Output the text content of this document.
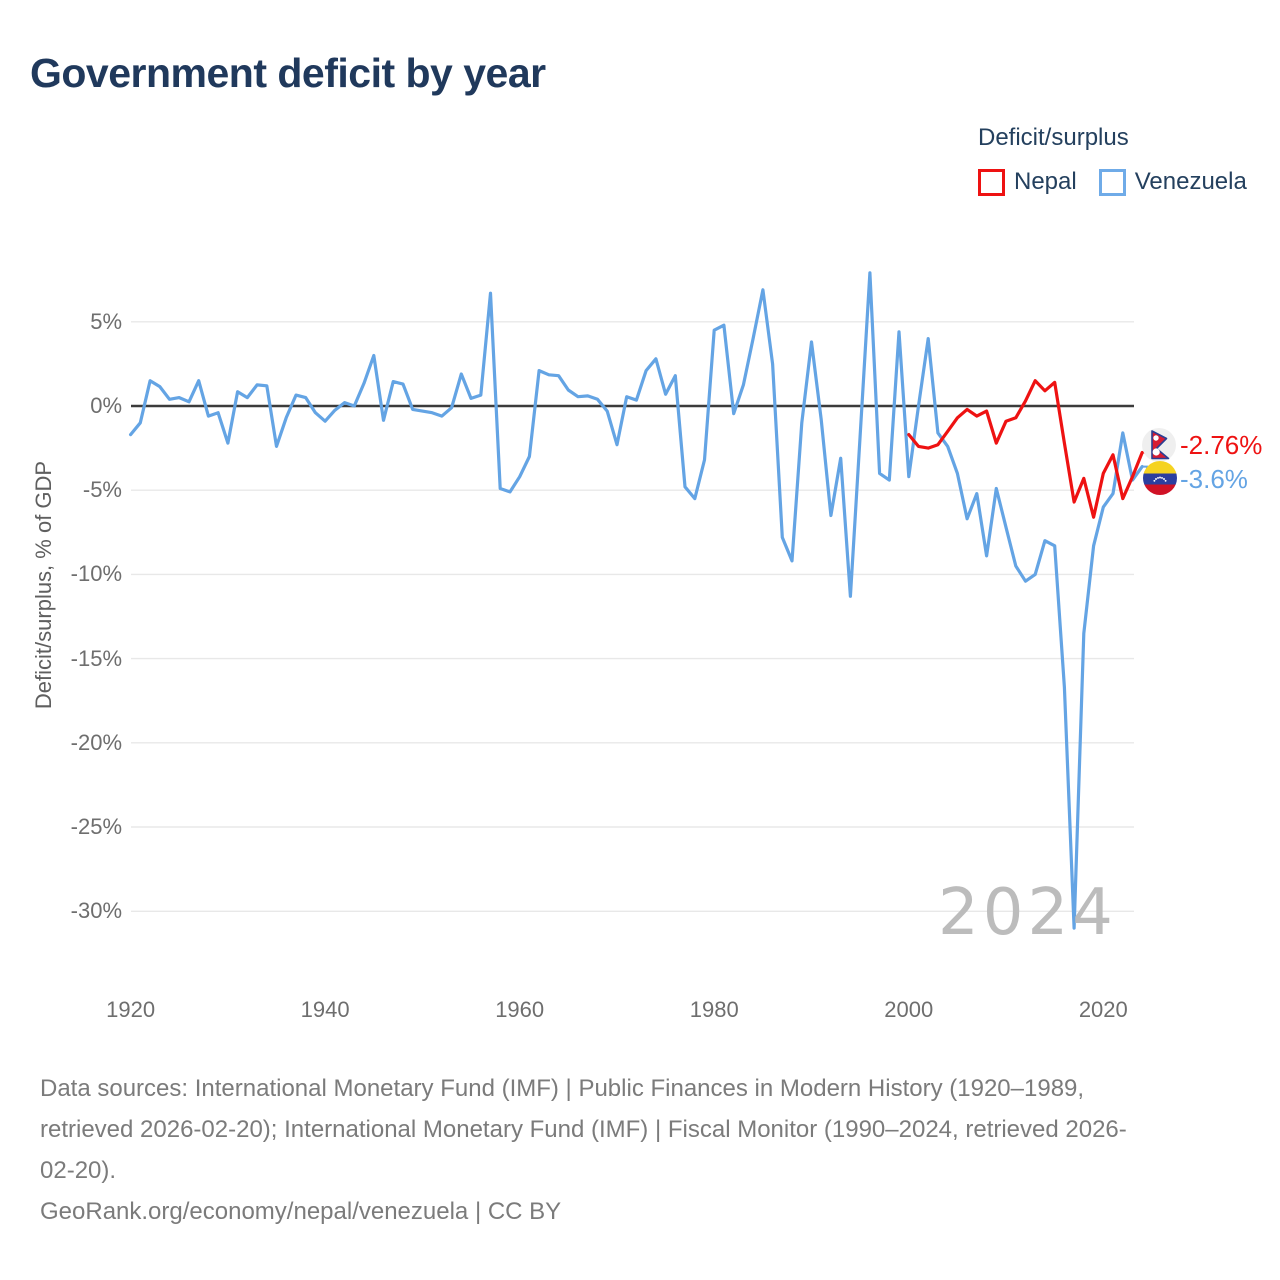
Government deficit by year
Deficit/surplus
Nepal Venezuela
5%
0%
-5%
-10%
-15%
-20%
-25%
-30%
1920	1940	1960	1980	2000	2020
Deficit/surplus, % of GDP
2024
-2.76%
-3.6%
Data sources: International Monetary Fund (IMF) | Public Finances in Modern History (1920–1989,
retrieved 2026-02-20); International Monetary Fund (IMF) | Fiscal Monitor (1990–2024, retrieved 2026-
02-20).
GeoRank.org/economy/nepal/venezuela | CC BY
